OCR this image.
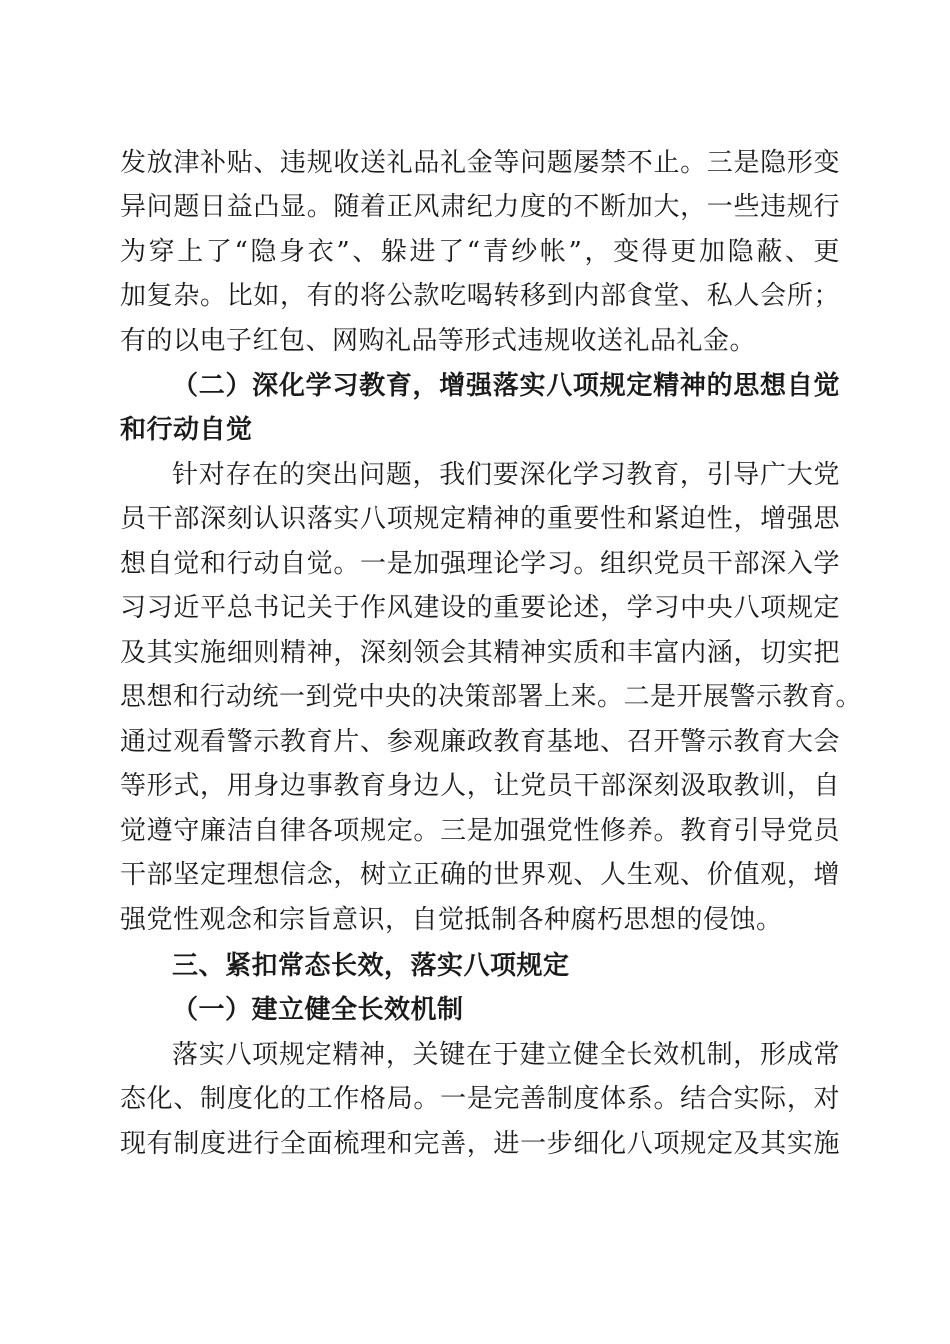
发放津补贴、违规收送礼品礼金等问题屡禁不止。三是隐形变
异问题日益凸显。随着正风肃纪力度的不断加大，一些违规行
为穿上了“隐身衣”、躲进了“青纱帐”，变得更加隐蔽、更
加复杂。比如，有的将公款吃喝转移到内部食堂、私人会所；
有的以电子红包、网购礼品等形式违规收送礼品礼金。
（二）深化学习教育，增强落实八项规定精神的思想自觉
和行动自觉
针对存在的突出问题，我们要深化学习教育，引导广大党
员干部深刻认识落实八项规定精神的重要性和紧迫性，增强思
想自觉和行动自觉。一是加强理论学习。组织党员干部深入学
习习近平总书记关于作风建设的重要论述，学习中央八项规定
及其实施细则精神，深刻领会其精神实质和丰富内涵，切实把
思想和行动统一到党中央的决策部署上来。二是开展警示教育。
通过观看警示教育片、参观廉政教育基地、召开警示教育大会
等形式，用身边事教育身边人，让党员干部深刻汲取教训，自
觉遵守廉洁自律各项规定。三是加强党性修养。教育引导党员
干部坚定理想信念，树立正确的世界观、人生观、价值观，增
强党性观念和宗旨意识，自觉抵制各种腐朽思想的侵蚀。
三、紧扣常态长效，落实八项规定
（一）建立健全长效机制
落实八项规定精神，关键在于建立健全长效机制，形成常
态化、制度化的工作格局。一是完善制度体系。结合实际，对
现有制度进行全面梳理和完善，进一步细化八项规定及其实施
